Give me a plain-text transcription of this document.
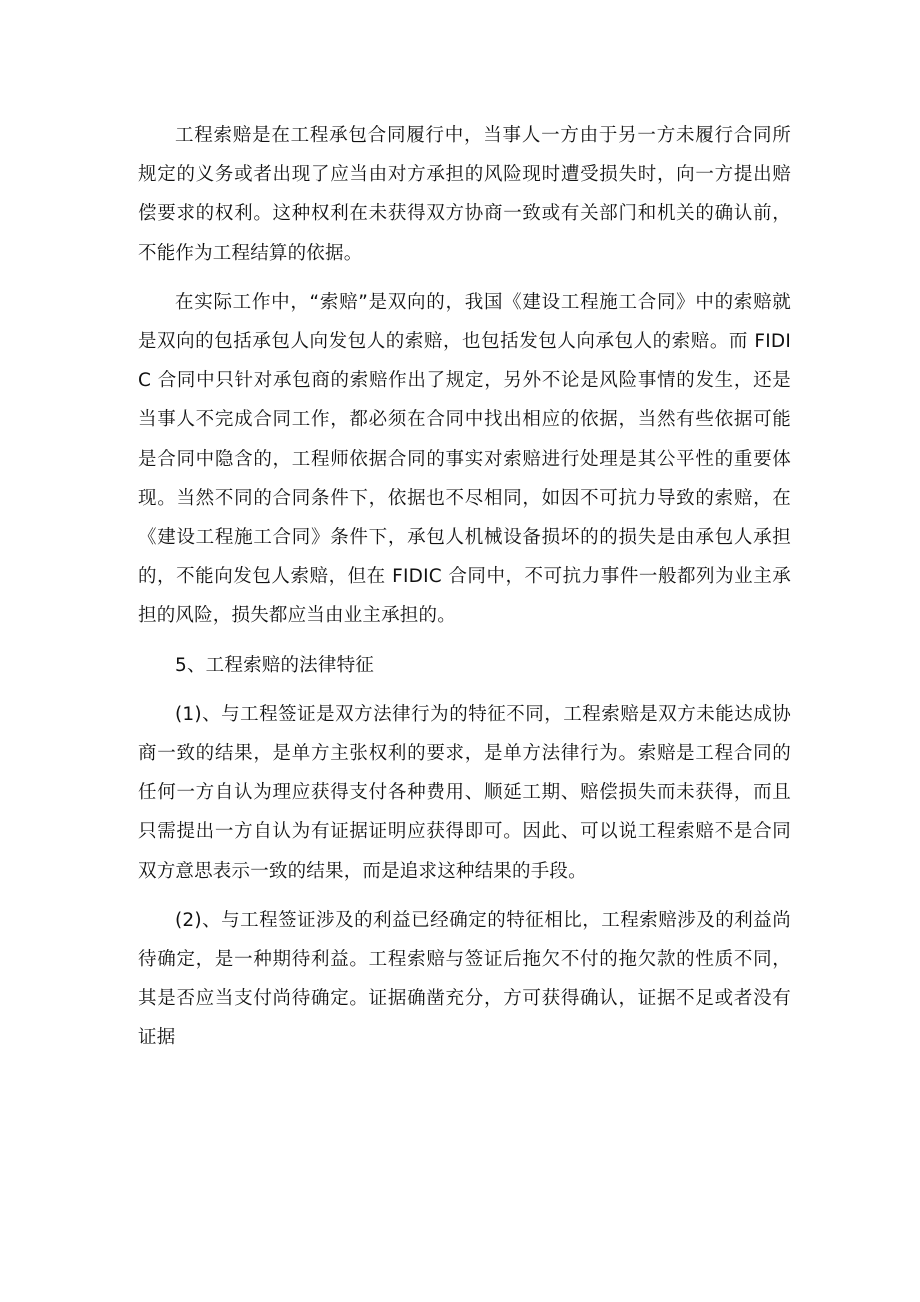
工程索赔是在工程承包合同履行中，当事人一方由于另一方未履行合同所规定的义务或者出现了应当由对方承担的风险现时遭受损失时，向一方提出赔偿要求的权利。这种权利在未获得双方协商一致或有关部门和机关的确认前，不能作为工程结算的依据。

在实际工作中，“索赔”是双向的，我国《建设工程施工合同》中的索赔就是双向的包括承包人向发包人的索赔，也包括发包人向承包人的索赔。而 FIDIC 合同中只针对承包商的索赔作出了规定，另外不论是风险事情的发生，还是当事人不完成合同工作，都必须在合同中找出相应的依据，当然有些依据可能是合同中隐含的，工程师依据合同的事实对索赔进行处理是其公平性的重要体现。当然不同的合同条件下，依据也不尽相同，如因不可抗力导致的索赔，在《建设工程施工合同》条件下，承包人机械设备损坏的的损失是由承包人承担的，不能向发包人索赔，但在 FIDIC 合同中，不可抗力事件一般都列为业主承担的风险，损失都应当由业主承担的。

5、工程索赔的法律特征

(1)、与工程签证是双方法律行为的特征不同，工程索赔是双方未能达成协商一致的结果，是单方主张权利的要求，是单方法律行为。索赔是工程合同的任何一方自认为理应获得支付各种费用、顺延工期、赔偿损失而未获得，而且只需提出一方自认为有证据证明应获得即可。因此、可以说工程索赔不是合同双方意思表示一致的结果，而是追求这种结果的手段。

(2)、与工程签证涉及的利益已经确定的特征相比，工程索赔涉及的利益尚待确定，是一种期待利益。工程索赔与签证后拖欠不付的拖欠款的性质不同，其是否应当支付尚待确定。证据确凿充分，方可获得确认，证据不足或者没有证据
